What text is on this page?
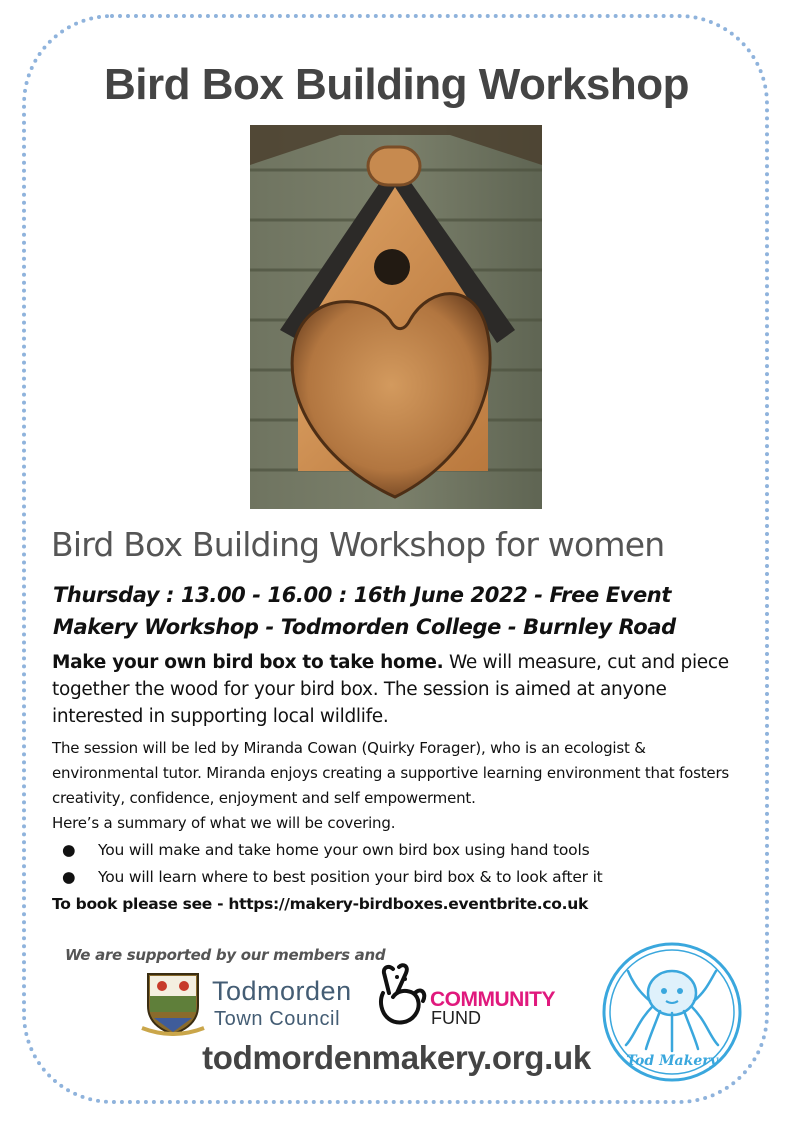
Bird Box Building Workshop
Bird Box Building Workshop for women
Thursday : 13.00 - 16.00 : 16th June 2022 - Free Event
Makery Workshop - Todmorden College - Burnley Road
Make your own bird box to take home. We will measure, cut and piece together the wood for your bird box. The session is aimed at anyone interested in supporting local wildlife.
The session will be led by Miranda Cowan (Quirky Forager), who is an ecologist & environmental tutor. Miranda enjoys creating a supportive learning environment that fosters creativity, confidence, enjoyment and self empowerment.
Here’s a summary of what we will be covering.
● You will make and take home your own bird box using hand tools
● You will learn where to best position your bird box & to look after it
To book please see - https://makery-birdboxes.eventbrite.co.uk
We are supported by our members and
Todmorden
Town Council
COMMUNITY
FUND
Tod Makery
todmordenmakery.org.uk
